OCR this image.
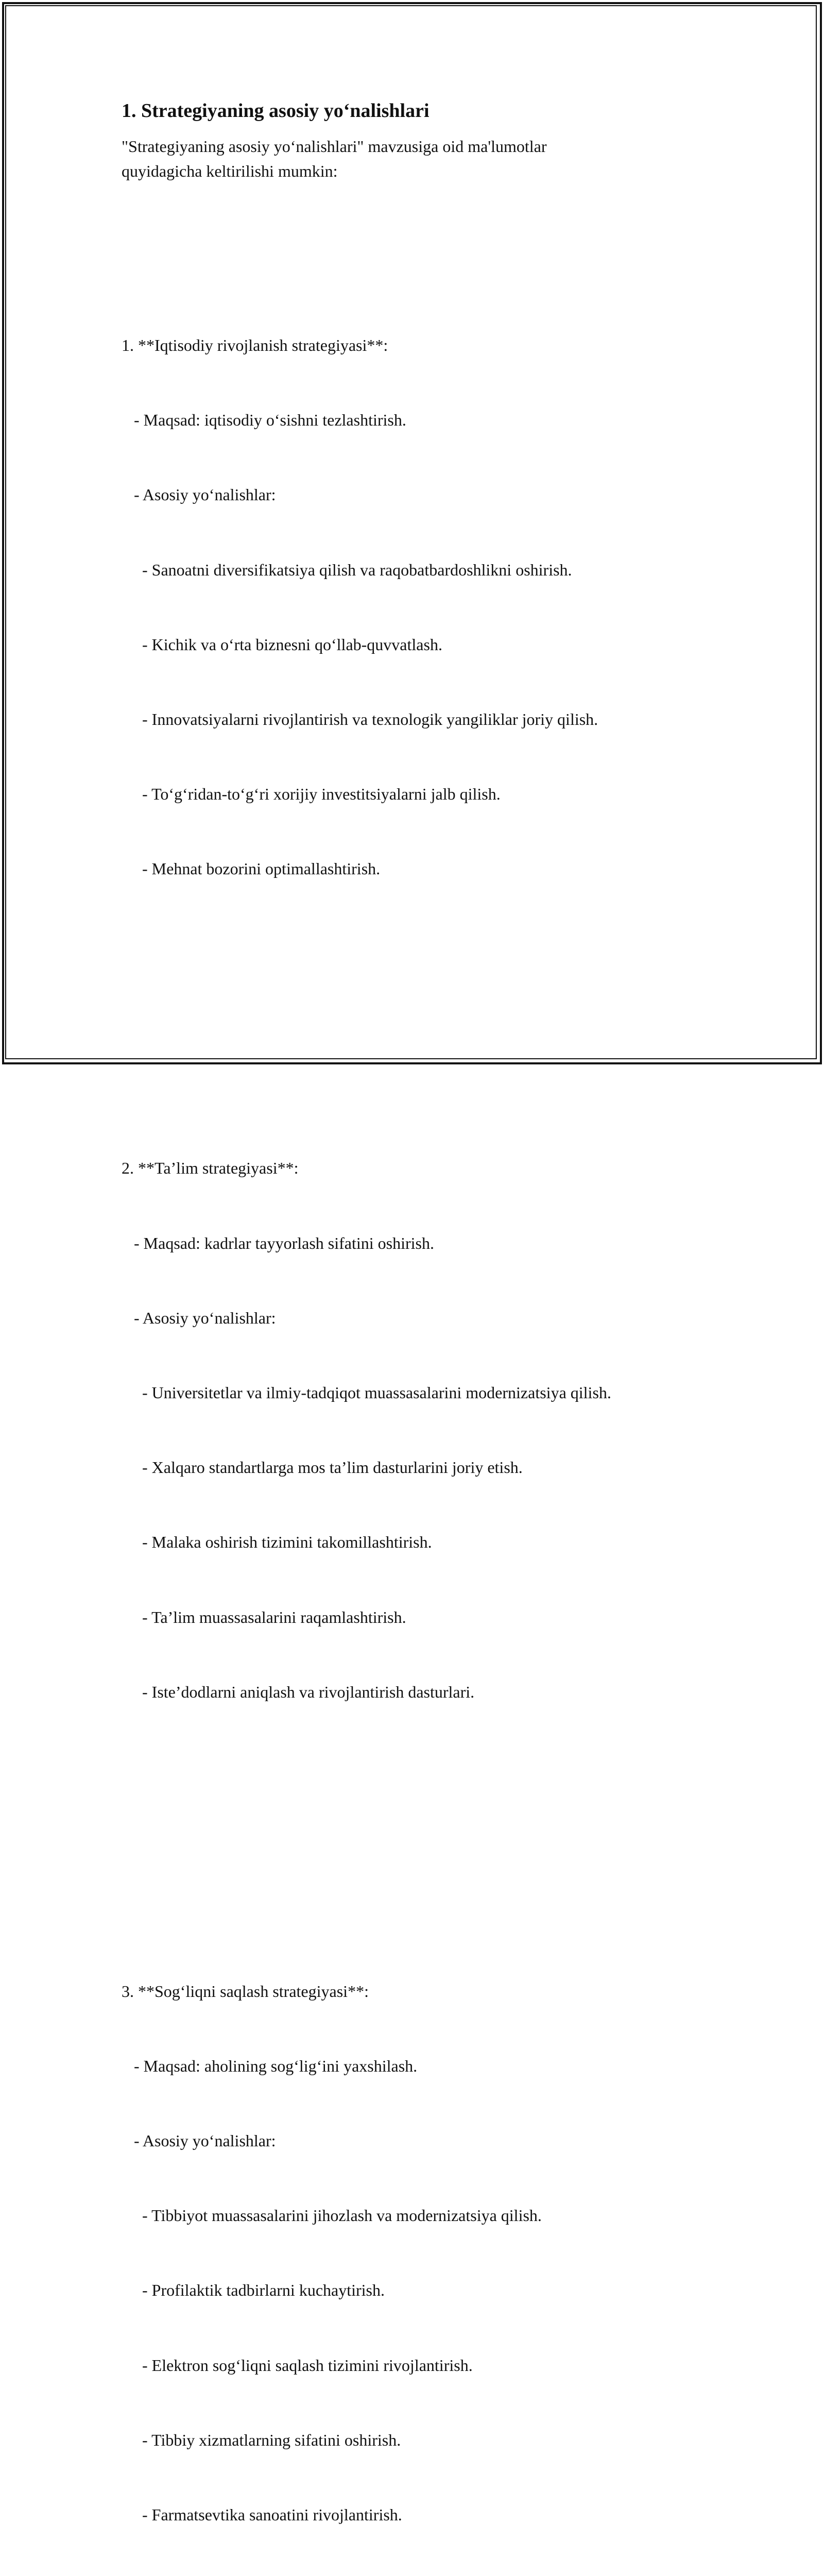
1. Strategiyaning asosiy yo‘nalishlari

"Strategiyaning asosiy yo‘nalishlari" mavzusiga oid ma'lumotlar
quyidagicha keltirilishi mumkin:

1. **Iqtisodiy rivojlanish strategiyasi**:

- Maqsad: iqtisodiy o‘sishni tezlashtirish.

- Asosiy yo‘nalishlar:

- Sanoatni diversifikatsiya qilish va raqobatbardoshlikni oshirish.

- Kichik va o‘rta biznesni qo‘llab-quvvatlash.

- Innovatsiyalarni rivojlantirish va texnologik yangiliklar joriy qilish.

- To‘g‘ridan-to‘g‘ri xorijiy investitsiyalarni jalb qilish.

- Mehnat bozorini optimallashtirish.

2. **Ta’lim strategiyasi**:

- Maqsad: kadrlar tayyorlash sifatini oshirish.

- Asosiy yo‘nalishlar:

- Universitetlar va ilmiy-tadqiqot muassasalarini modernizatsiya qilish.

- Xalqaro standartlarga mos ta’lim dasturlarini joriy etish.

- Malaka oshirish tizimini takomillashtirish.

- Ta’lim muassasalarini raqamlashtirish.

- Iste’dodlarni aniqlash va rivojlantirish dasturlari.

3. **Sog‘liqni saqlash strategiyasi**:

- Maqsad: aholining sog‘lig‘ini yaxshilash.

- Asosiy yo‘nalishlar:

- Tibbiyot muassasalarini jihozlash va modernizatsiya qilish.

- Profilaktik tadbirlarni kuchaytirish.

- Elektron sog‘liqni saqlash tizimini rivojlantirish.

- Tibbiy xizmatlarning sifatini oshirish.

- Farmatsevtika sanoatini rivojlantirish.
